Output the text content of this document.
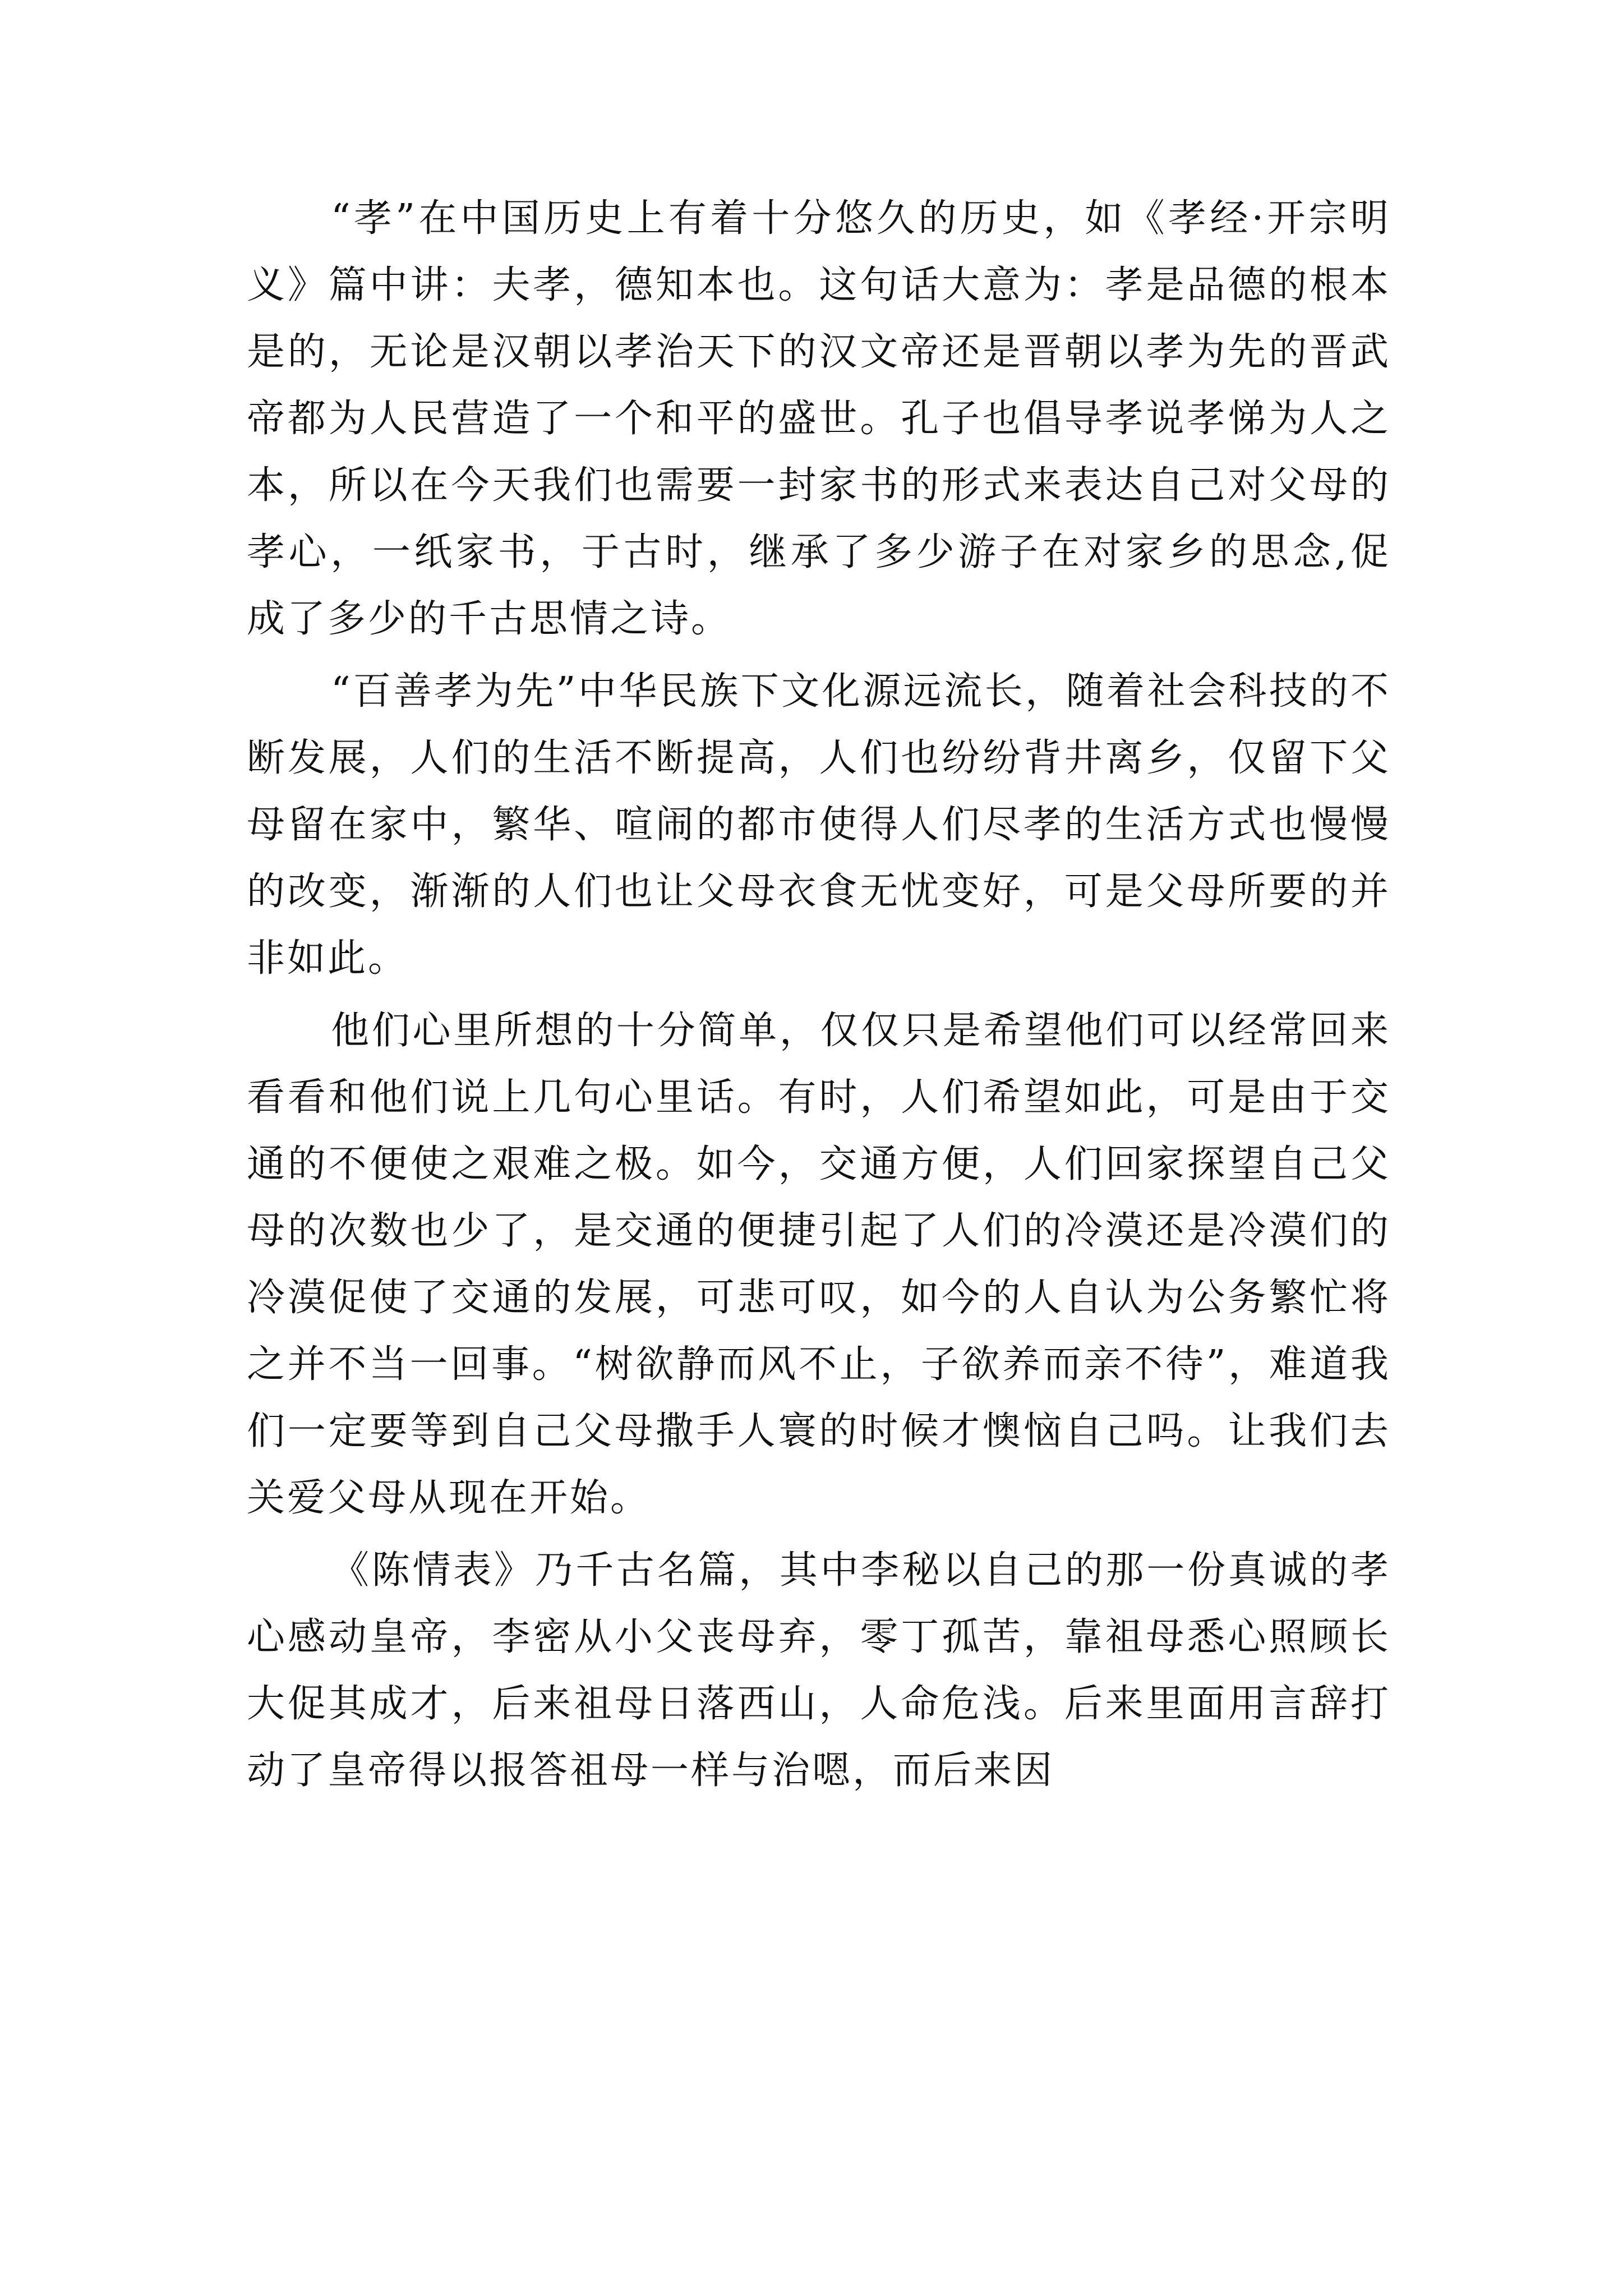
“孝”在中国历史上有着十分悠久的历史，如《孝经·开宗明义》篇中讲：夫孝，德知本也。这句话大意为：孝是品德的根本是的，无论是汉朝以孝治天下的汉文帝还是晋朝以孝为先的晋武帝都为人民营造了一个和平的盛世。孔子也倡导孝说孝悌为人之本，所以在今天我们也需要一封家书的形式来表达自己对父母的孝心，一纸家书，于古时，继承了多少游子在对家乡的思念,促成了多少的千古思情之诗。

“百善孝为先”中华民族下文化源远流长，随着社会科技的不断发展，人们的生活不断提高，人们也纷纷背井离乡，仅留下父母留在家中，繁华、喧闹的都市使得人们尽孝的生活方式也慢慢的改变，渐渐的人们也让父母衣食无忧变好，可是父母所要的并非如此。

他们心里所想的十分简单，仅仅只是希望他们可以经常回来看看和他们说上几句心里话。有时，人们希望如此，可是由于交通的不便使之艰难之极。如今，交通方便，人们回家探望自己父母的次数也少了，是交通的便捷引起了人们的冷漠还是冷漠们的冷漠促使了交通的发展，可悲可叹，如今的人自认为公务繁忙将之并不当一回事。“树欲静而风不止，子欲养而亲不待”，难道我们一定要等到自己父母撒手人寰的时候才懊恼自己吗。让我们去关爱父母从现在开始。

《陈情表》乃千古名篇，其中李秘以自己的那一份真诚的孝心感动皇帝，李密从小父丧母弃，零丁孤苦，靠祖母悉心照顾长大促其成才，后来祖母日落西山，人命危浅。后来里面用言辞打动了皇帝得以报答祖母一样与治嗯，而后来因
